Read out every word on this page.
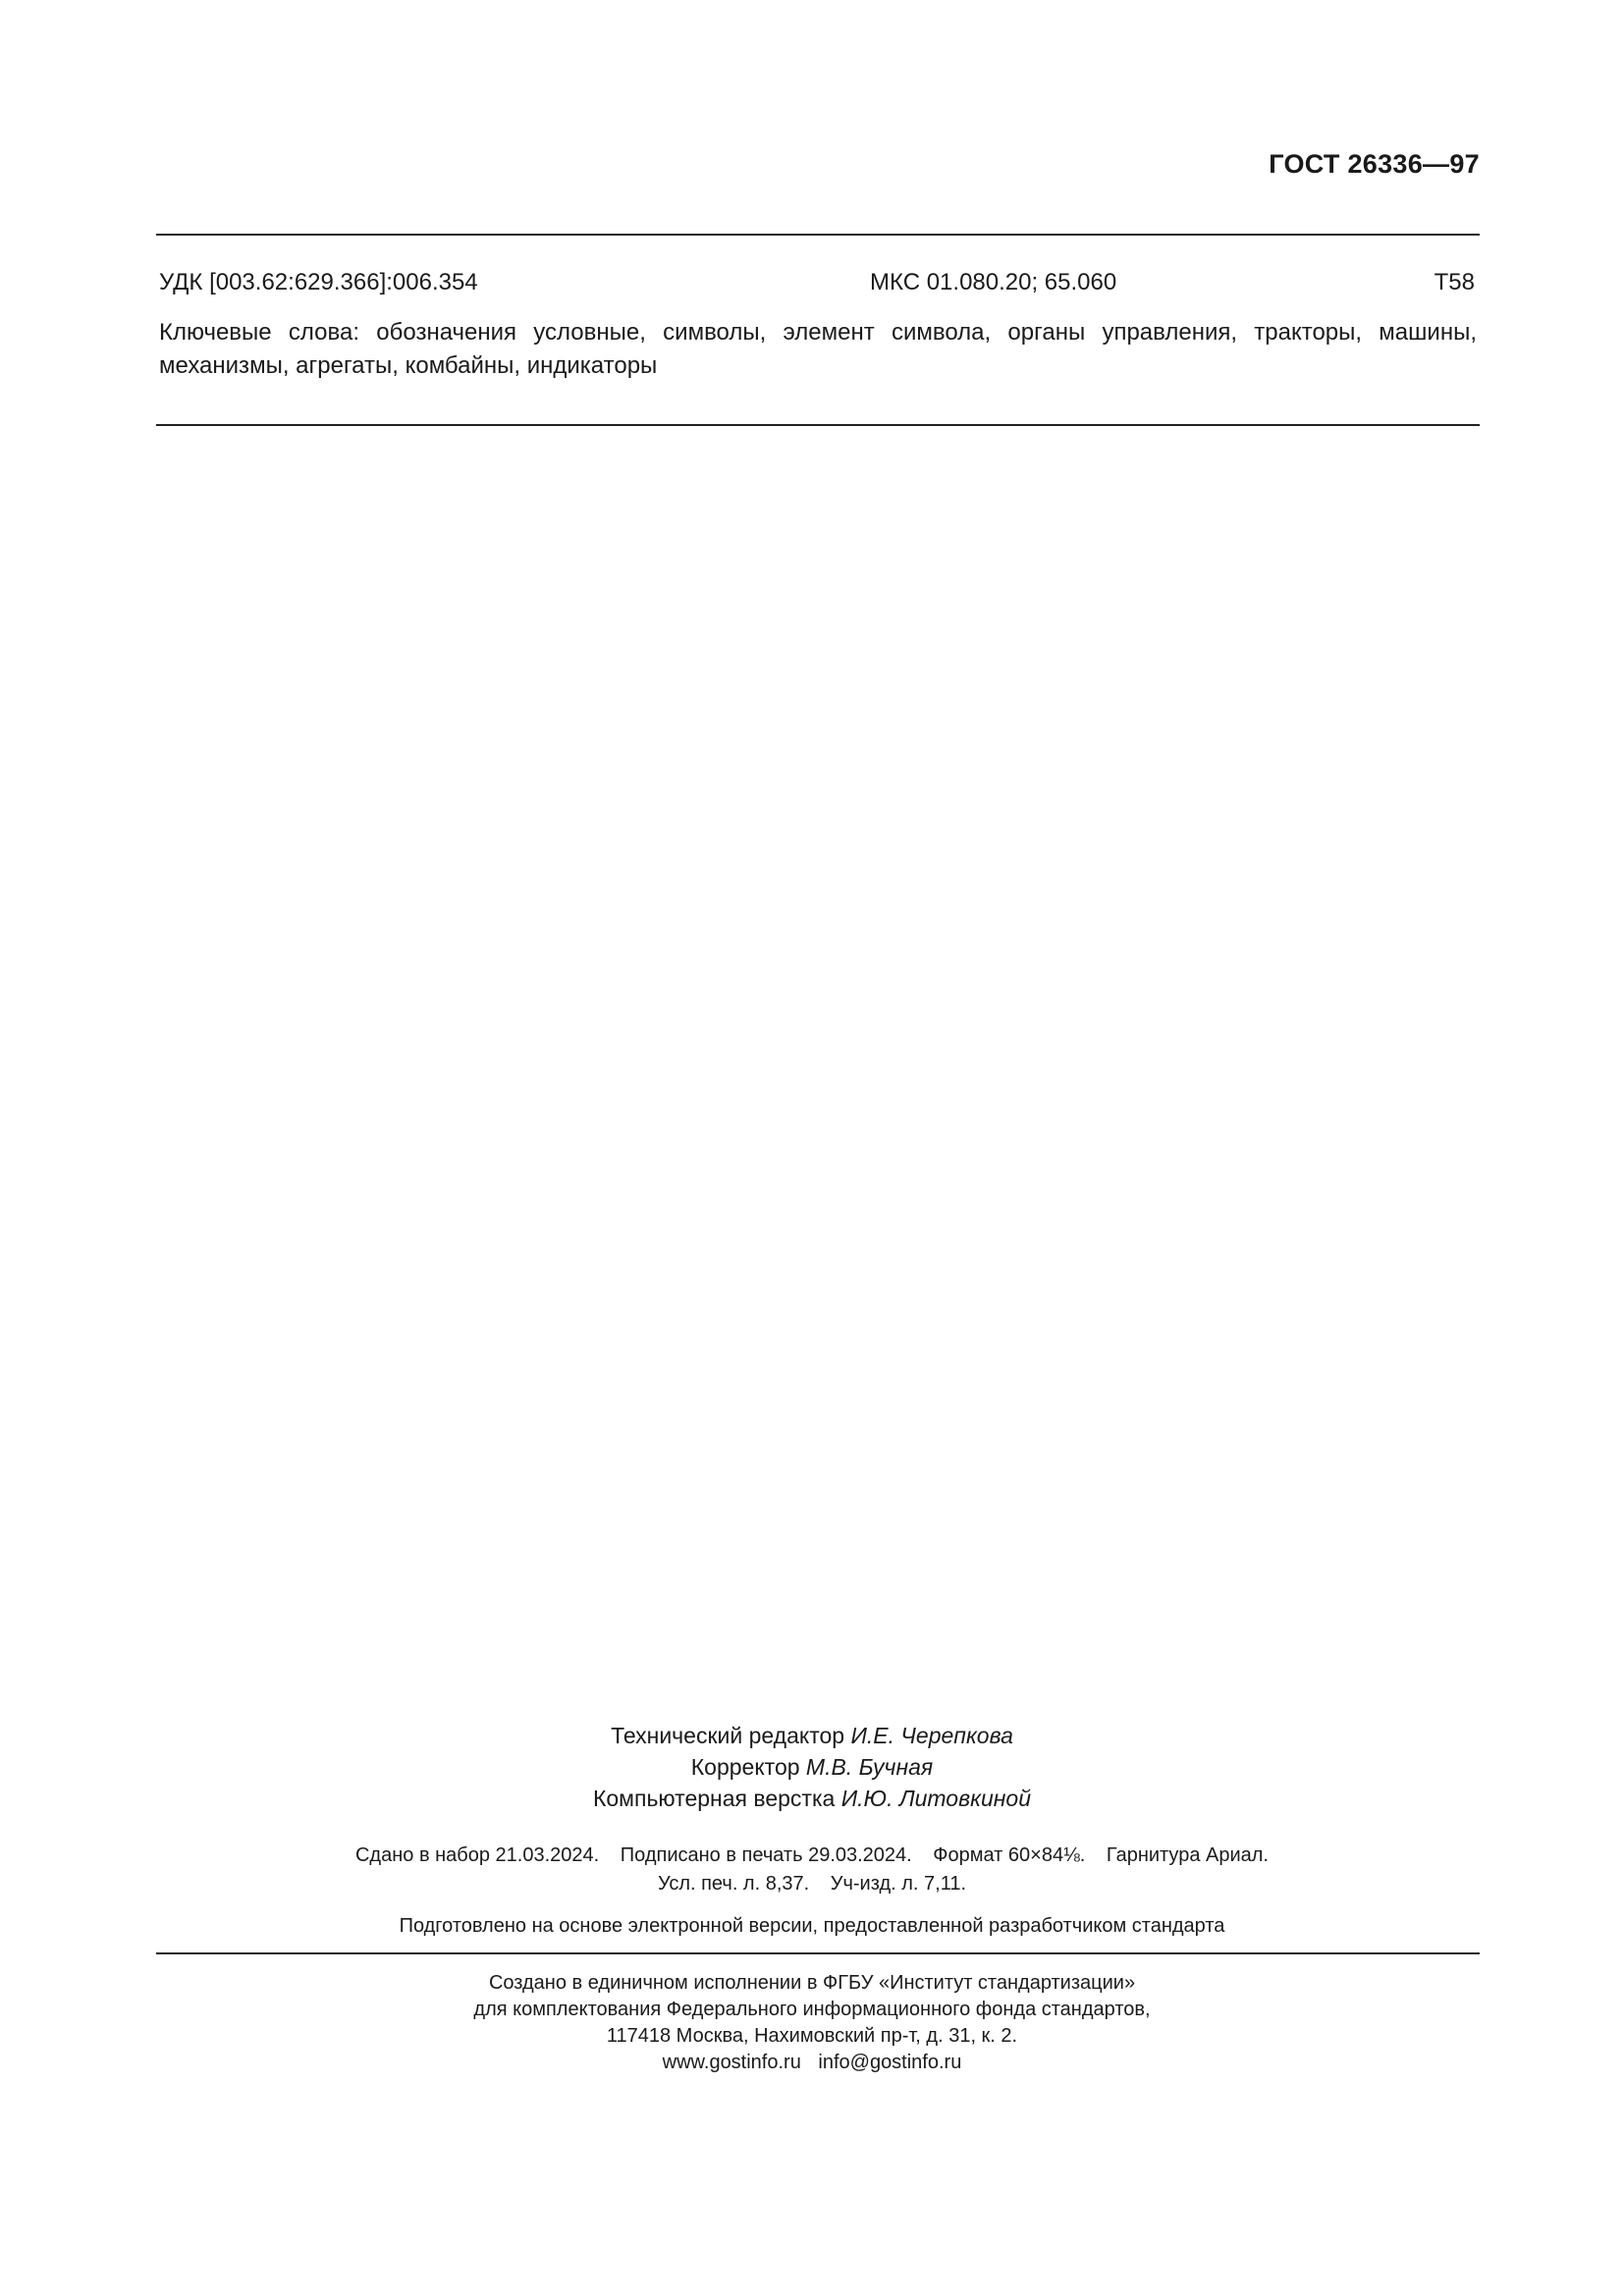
ГОСТ 26336—97
УДК [003.62:629.366]:006.354	МКС 01.080.20; 65.060	Т58
Ключевые слова: обозначения условные, символы, элемент символа, органы управления, тракторы, машины, механизмы, агрегаты, комбайны, индикаторы
Технический редактор И.Е. Черепкова
Корректор М.В. Бучная
Компьютерная верстка И.Ю. Литовкиной
Сдано в набор 21.03.2024. Подписано в печать 29.03.2024. Формат 60×84⅛. Гарнитура Ариал.
Усл. печ. л. 8,37. Уч-изд. л. 7,11.
Подготовлено на основе электронной версии, предоставленной разработчиком стандарта
Создано в единичном исполнении в ФГБУ «Институт стандартизации»
для комплектования Федерального информационного фонда стандартов,
117418 Москва, Нахимовский пр-т, д. 31, к. 2.
www.gostinfo.ru info@gostinfo.ru
